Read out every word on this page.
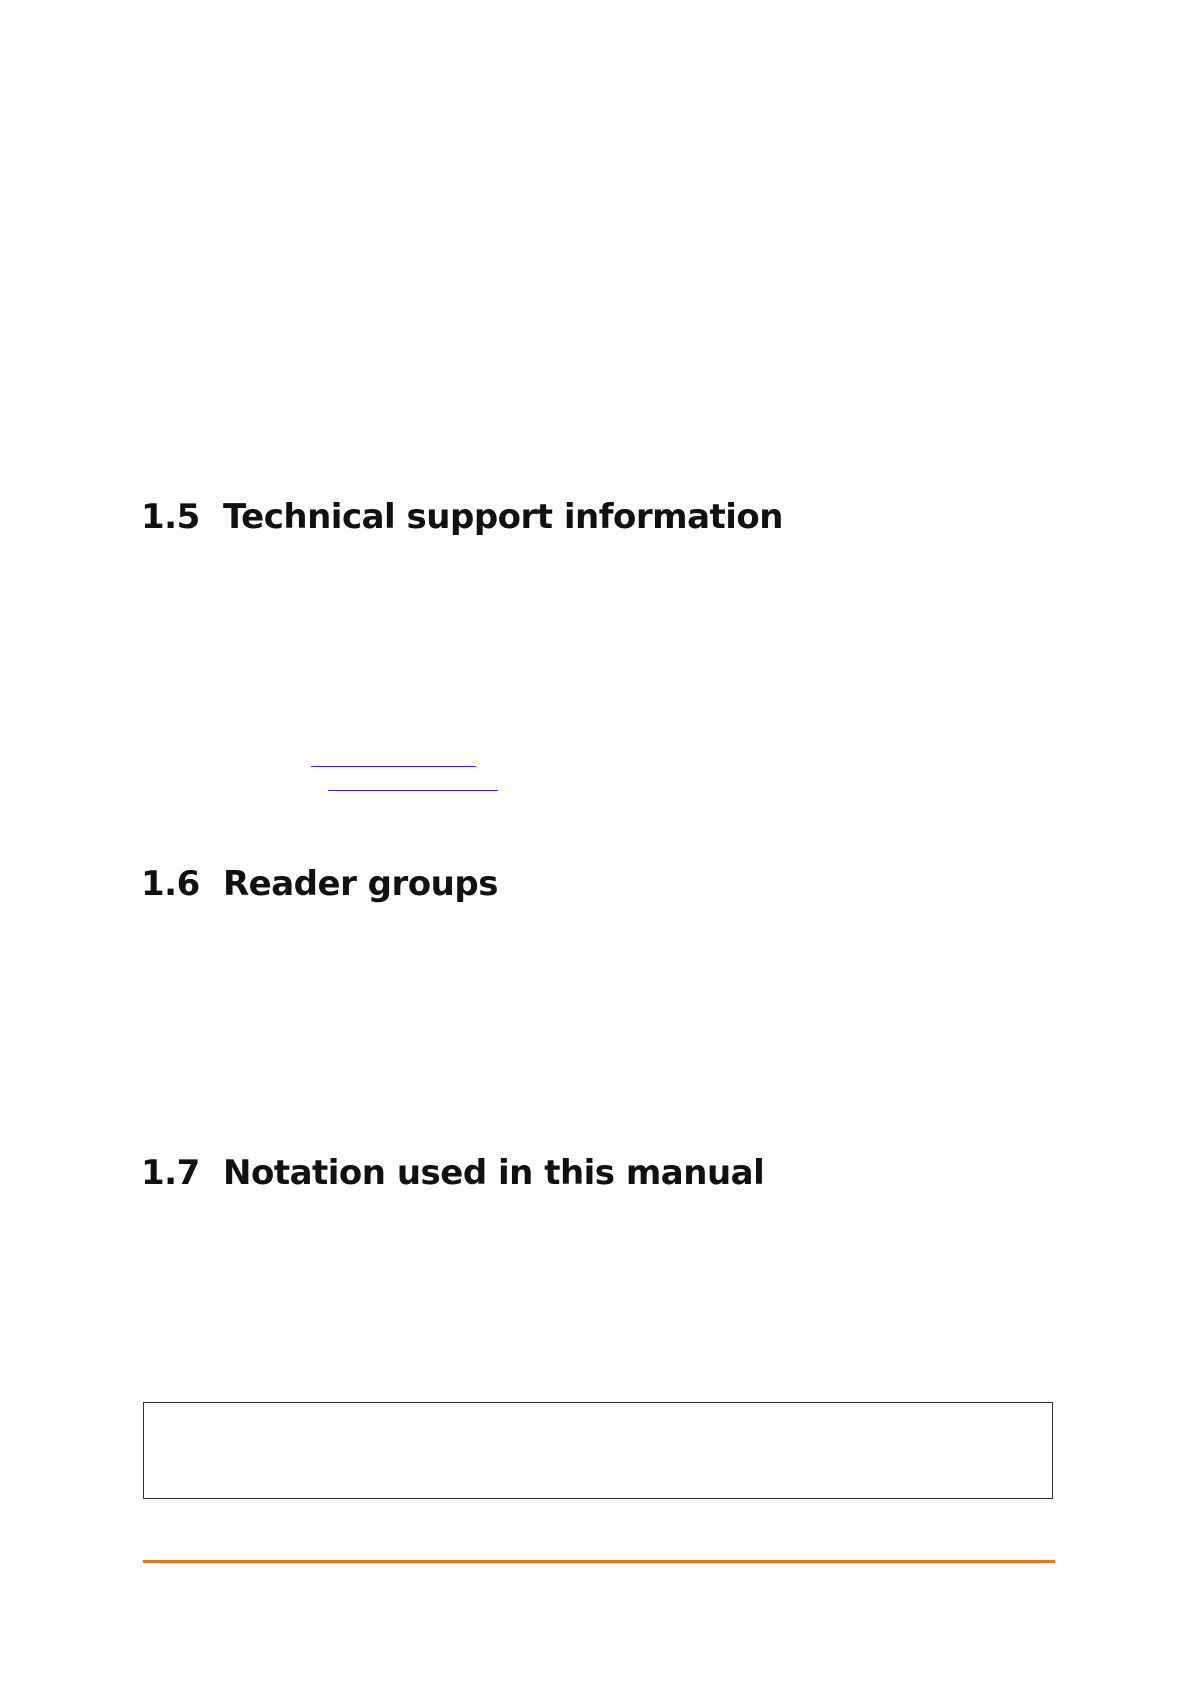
1.5 Technical support information
1.6 Reader groups
1.7 Notation used in this manual
